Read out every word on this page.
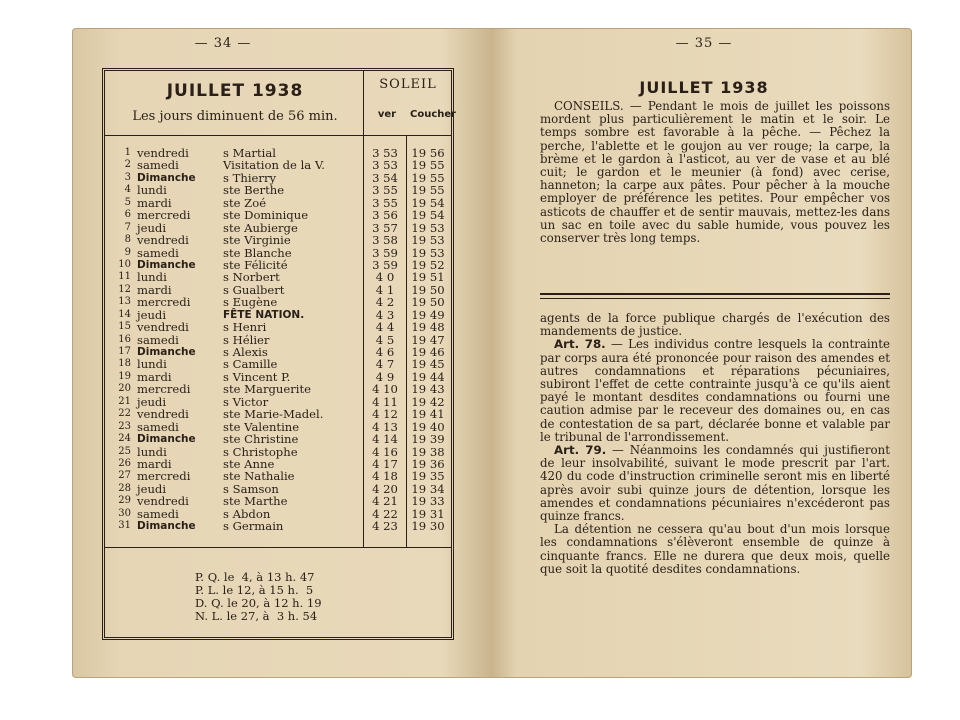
— 34 —
JUILLET 1938
Les jours diminuent de 56 min.
SOLEIL
ver	Coucher
1 vendredi	s Martial	3 53	19 56
2 samedi	Visitation de la V.	3 53	19 55
3 Dimanche s Thierry	3 54	19 55
4 lundi	ste Berthe	3 55	19 55
5 mardi	ste Zoé	3 55	19 54
6 mercredi	ste Dominique	3 56	19 54
7 jeudi	ste Aubierge	3 57	19 53
8 vendredi	ste Virginie	3 58	19 53
9 samedi	ste Blanche	3 59	19 53
10 Dimanche ste Félicité	3 59	19 52
11 lundi	s Norbert	4 0	19 51
12 mardi	s Gualbert	4 1	19 50
13 mercredi	s Eugène	4 2	19 50
14 jeudi	FÊTE NATION.	4 3	19 49
15 vendredi	s Henri	4 4	19 48
16 samedi	s Hélier	4 5	19 47
17 Dimanche s Alexis	4 6	19 46
18 lundi	s Camille	4 7	19 45
19 mardi	s Vincent P.	4 9	19 44
20 mercredi	ste Marguerite	4 10	19 43
21 jeudi	s Victor	4 11	19 42
22 vendredi	ste Marie-Madel.	4 12	19 41
23 samedi	ste Valentine	4 13	19 40
24 Dimanche ste Christine	4 14	19 39
25 lundi	s Christophe	4 16	19 38
26 mardi	ste Anne	4 17	19 36
27 mercredi	ste Nathalie	4 18	19 35
28 jeudi	s Samson	4 20	19 34
29 vendredi	ste Marthe	4 21	19 33
30 samedi	s Abdon	4 22	19 31
31 Dimanche s Germain	4 23	19 30
P. Q. le  4, à 13 h. 47
P. L. le 12, à 15 h.  5
D. Q. le 20, à 12 h. 19
N. L. le 27, à  3 h. 54
— 35 —
JUILLET 1938

CONSEILS. — Pendant le mois de juillet les poissons mordent plus particulièrement le matin et le soir. Le temps sombre est favorable à la pêche. — Pêchez la perche, l'ablette et le goujon au ver rouge; la carpe, la brème et le gardon à l'asticot, au ver de vase et au blé cuit; le gardon et le meunier (à fond) avec cerise, hanneton; la carpe aux pâtes. Pour pêcher à la mouche employer de préférence les petites. Pour empêcher vos asticots de chauffer et de sentir mauvais, mettez-les dans un sac en toile avec du sable humide, vous pouvez les conserver très long temps.

agents de la force publique chargés de l'exécution des mandements de justice.

Art. 78. — Les individus contre lesquels la contrainte par corps aura été prononcée pour raison des amendes et autres condamnations et réparations pécuniaires, subiront l'effet de cette contrainte jusqu'à ce qu'ils aient payé le montant desdites condamnations ou fourni une caution admise par le receveur des domaines ou, en cas de contestation de sa part, déclarée bonne et valable par le tribunal de l'arrondissement.

Art. 79. — Néanmoins les condamnés qui justifieront de leur insolvabilité, suivant le mode prescrit par l'art. 420 du code d'instruction criminelle seront mis en liberté après avoir subi quinze jours de détention, lorsque les amendes et condamnations pécuniaires n'excéderont pas quinze francs.

La détention ne cessera qu'au bout d'un mois lorsque les condamnations s'élèveront ensemble de quinze à cinquante francs. Elle ne durera que deux mois, quelle que soit la quotité desdites condamnations.
